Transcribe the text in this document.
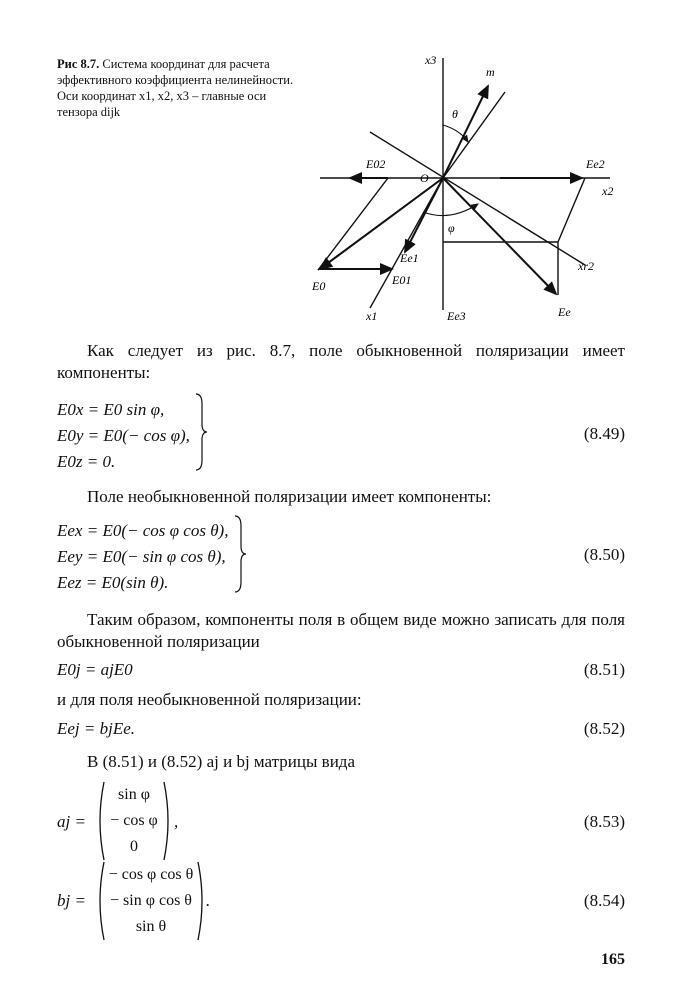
Рис 8.7. Система координат для расчета эффективного коэффициента нелинейности. Оси координат x1, x2, x3 – главные оси тензора dijk
x3
m
θ
E02	Ee2
O
x2
φ
Ee1
E01
E0
x1	Ee3	Ee
xr2
Как следует из рис. 8.7, поле обыкновенной поляризации имеет компоненты:
E0x = E0 sin φ,
E0y = E0(− cos φ),
E0z = 0.
(8.49)
Поле необыкновенной поляризации имеет компоненты:
Eex = E0(− cos φ cos θ),
Eey = E0(− sin φ cos θ),
Eez = E0(sin θ).
(8.50)
Таким образом, компоненты поля в общем виде можно записать для поля обыкновенной поляризации
E0j = ajE0	(8.51)
и для поля необыкновенной поляризации:
Eej = bjEe.	(8.52)
В (8.51) и (8.52) aj и bj матрицы вида
aj =
sin φ
− cos φ
0
,	(8.53)
bj =
− cos φ cos θ
− sin φ cos θ
sin θ
.	(8.54)
165
